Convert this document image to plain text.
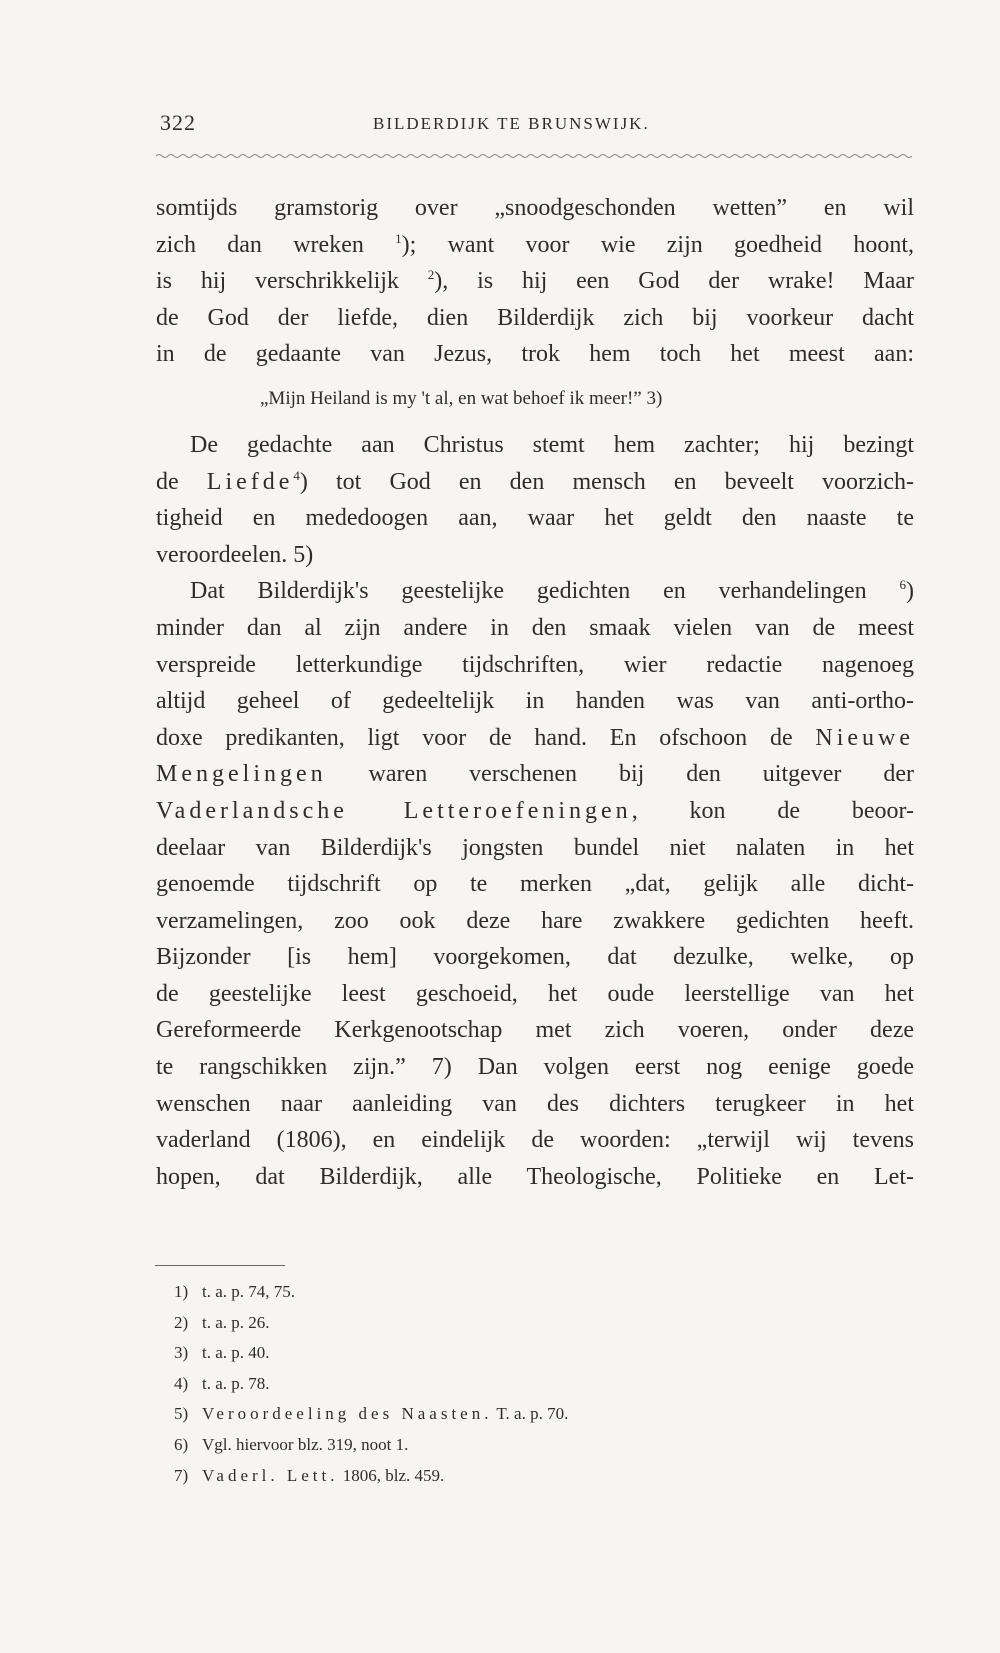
322	BILDERDIJK TE BRUNSWIJK.
somtijds gramstorig over „snoodgeschonden wetten” en wil
zich dan wreken $^1$); want voor wie zijn goedheid hoont,
is hij verschrikkelijk $^2$), is hij een God der wrake! Maar
de God der liefde, dien Bilderdijk zich bij voorkeur dacht
in de gedaante van Jezus, trok hem toch het meest aan:
„Mijn Heiland is my 't al, en wat behoef ik meer!” 3)
De gedachte aan Christus stemt hem zachter; hij bezingt
de Liefde$^4$) tot God en den mensch en beveelt voorzich-
tigheid en mededoogen aan, waar het geldt den naaste te
veroordeelen. 5)
Dat Bilderdijk's geestelijke gedichten en verhandelingen $^6$)
minder dan al zijn andere in den smaak vielen van de meest
verspreide letterkundige tijdschriften, wier redactie nagenoeg
altijd geheel of gedeeltelijk in handen was van anti-ortho-
doxe predikanten, ligt voor de hand. En ofschoon de Nieuwe
Mengelingen waren verschenen bij den uitgever der
Vaderlandsche Letteroefeningen, kon de beoor-
deelaar van Bilderdijk's jongsten bundel niet nalaten in het
genoemde tijdschrift op te merken „dat, gelijk alle dicht-
verzamelingen, zoo ook deze hare zwakkere gedichten heeft.
Bijzonder [is hem] voorgekomen, dat dezulke, welke, op
de geestelijke leest geschoeid, het oude leerstellige van het
Gereformeerde Kerkgenootschap met zich voeren, onder deze
te rangschikken zijn.” 7) Dan volgen eerst nog eenige goede
wenschen naar aanleiding van des dichters terugkeer in het
vaderland (1806), en eindelijk de woorden: „terwijl wij tevens
hopen, dat Bilderdijk, alle Theologische, Politieke en Let-
1) t. a. p. 74, 75.
2) t. a. p. 26.
3) t. a. p. 40.
4) t. a. p. 78.
5) Veroordeeling des Naasten. T. a. p. 70.
6) Vgl. hiervoor blz. 319, noot 1.
7) Vaderl. Lett. 1806, blz. 459.
